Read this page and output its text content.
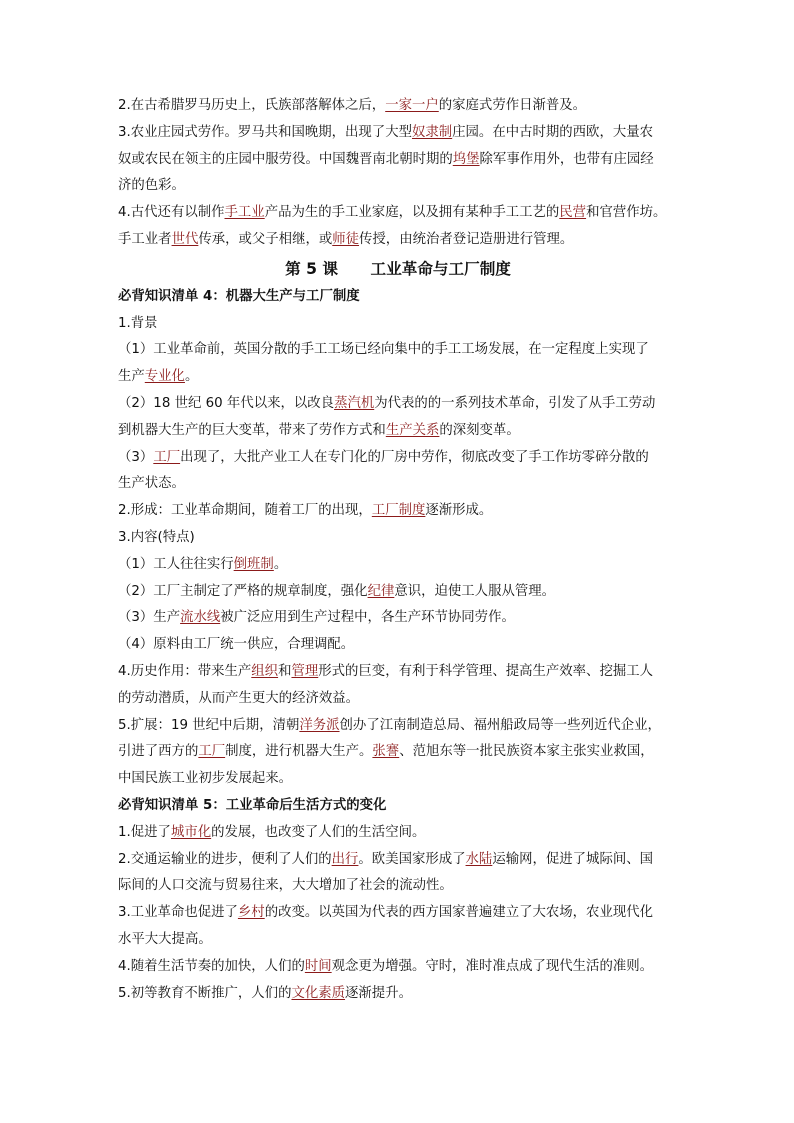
2.在古希腊罗马历史上，氏族部落解体之后，一家一户的家庭式劳作日渐普及。
3.农业庄园式劳作。罗马共和国晚期，出现了大型奴隶制庄园。在中古时期的西欧，大量农
奴或农民在领主的庄园中服劳役。中国魏晋南北朝时期的坞堡除军事作用外，也带有庄园经
济的色彩。
4.古代还有以制作手工业产品为生的手工业家庭，以及拥有某种手工工艺的民营和官营作坊。
手工业者世代传承，或父子相继，或师徒传授，由统治者登记造册进行管理。
第 5 课      工业革命与工厂制度
必背知识清单 4：机器大生产与工厂制度
1.背景
（1）工业革命前，英国分散的手工工场已经向集中的手工工场发展，在一定程度上实现了
生产专业化。
（2）18 世纪 60 年代以来，以改良蒸汽机为代表的的一系列技术革命，引发了从手工劳动
到机器大生产的巨大变革，带来了劳作方式和生产关系的深刻变革。
（3）工厂出现了，大批产业工人在专门化的厂房中劳作，彻底改变了手工作坊零碎分散的
生产状态。
2.形成：工业革命期间，随着工厂的出现，工厂制度逐渐形成。
3.内容(特点)
（1）工人往往实行倒班制。
（2）工厂主制定了严格的规章制度，强化纪律意识，迫使工人服从管理。
（3）生产流水线被广泛应用到生产过程中，各生产环节协同劳作。
（4）原料由工厂统一供应，合理调配。
4.历史作用：带来生产组织和管理形式的巨变，有利于科学管理、提高生产效率、挖掘工人
的劳动潜质，从而产生更大的经济效益。
5.扩展：19 世纪中后期，清朝洋务派创办了江南制造总局、福州船政局等一些列近代企业，
引进了西方的工厂制度，进行机器大生产。张謇、范旭东等一批民族资本家主张实业救国，
中国民族工业初步发展起来。
必背知识清单 5：工业革命后生活方式的变化
1.促进了城市化的发展，也改变了人们的生活空间。
2.交通运输业的进步，便利了人们的出行。欧美国家形成了水陆运输网，促进了城际间、国
际间的人口交流与贸易往来，大大增加了社会的流动性。
3.工业革命也促进了乡村的改变。以英国为代表的西方国家普遍建立了大农场，农业现代化
水平大大提高。
4.随着生活节奏的加快，人们的时间观念更为增强。守时，准时准点成了现代生活的准则。
5.初等教育不断推广，人们的文化素质逐渐提升。
